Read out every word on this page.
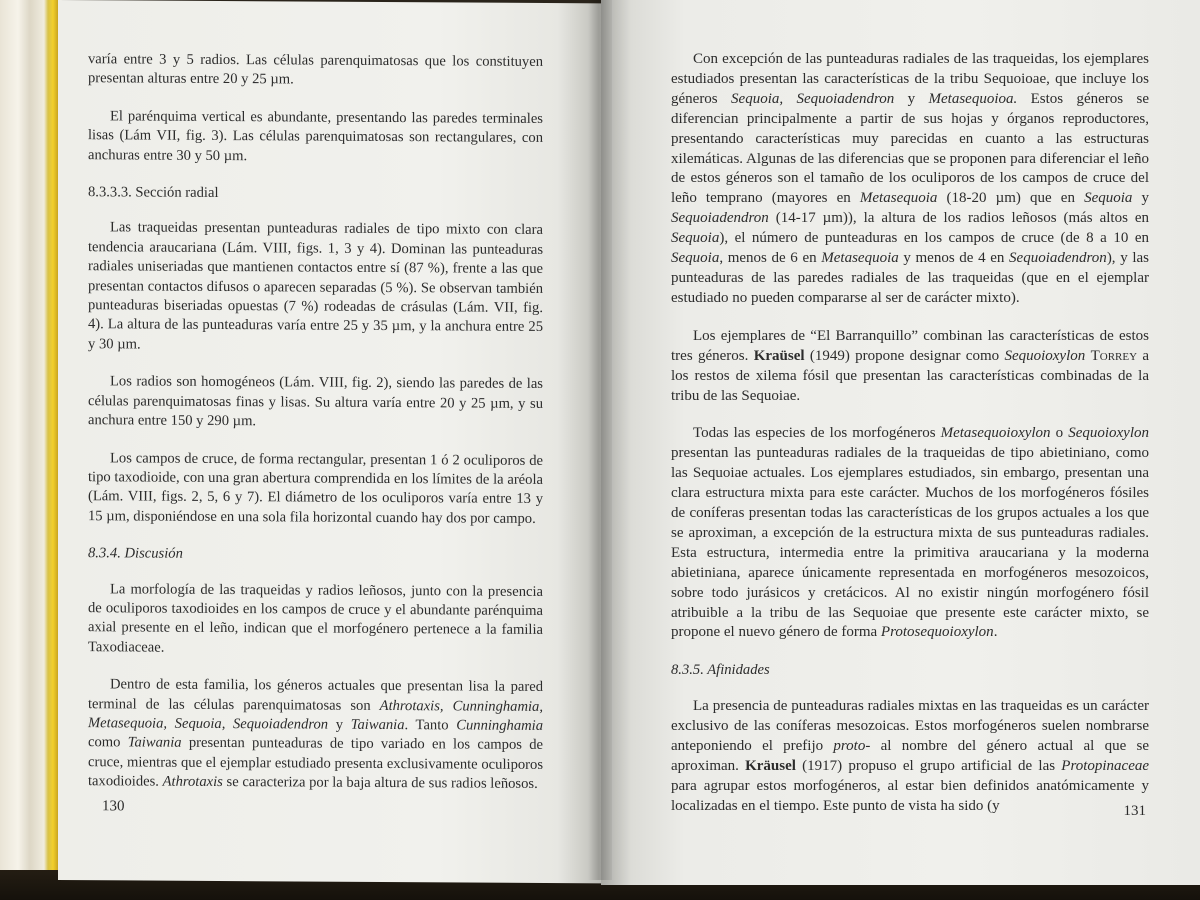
varía entre 3 y 5 radios. Las células parenquimatosas que los constituyen presentan alturas entre 20 y 25 µm.

El parénquima vertical es abundante, presentando las paredes terminales lisas (Lám VII, fig. 3). Las células parenquimatosas son rectangulares, con anchuras entre 30 y 50 µm.

8.3.3.3. Sección radial

Las traqueidas presentan punteaduras radiales de tipo mixto con clara tendencia araucariana (Lám. VIII, figs. 1, 3 y 4). Dominan las punteaduras radiales uniseriadas que mantienen contactos entre sí (87 %), frente a las que presentan contactos difusos o aparecen separadas (5 %). Se observan también punteaduras biseriadas opuestas (7 %) rodeadas de crásulas (Lám. VII, fig. 4). La altura de las punteaduras varía entre 25 y 35 µm, y la anchura entre 25 y 30 µm.

Los radios son homogéneos (Lám. VIII, fig. 2), siendo las paredes de las células parenquimatosas finas y lisas. Su altura varía entre 20 y 25 µm, y su anchura entre 150 y 290 µm.

Los campos de cruce, de forma rectangular, presentan 1 ó 2 oculiporos de tipo taxodioide, con una gran abertura comprendida en los límites de la aréola (Lám. VIII, figs. 2, 5, 6 y 7). El diámetro de los oculiporos varía entre 13 y 15 µm, disponiéndose en una sola fila horizontal cuando hay dos por campo.

8.3.4. Discusión

La morfología de las traqueidas y radios leñosos, junto con la presencia de oculiporos taxodioides en los campos de cruce y el abundante parénquima axial presente en el leño, indican que el morfogénero pertenece a la familia Taxodiaceae.

Dentro de esta familia, los géneros actuales que presentan lisa la pared terminal de las células parenquimatosas son Athrotaxis, Cunninghamia, Metasequoia, Sequoia, Sequoiadendron y Taiwania. Tanto Cunninghamia como Taiwania presentan punteaduras de tipo variado en los campos de cruce, mientras que el ejemplar estudiado presenta exclusivamente oculiporos taxodioides. Athrotaxis se caracteriza por la baja altura de sus radios leñosos.

130

Con excepción de las punteaduras radiales de las traqueidas, los ejemplares estudiados presentan las características de la tribu Sequoioae, que incluye los géneros Sequoia, Sequoiadendron y Metasequoioa. Estos géneros se diferencian principalmente a partir de sus hojas y órganos reproductores, presentando características muy parecidas en cuanto a las estructuras xilemáticas. Algunas de las diferencias que se proponen para diferenciar el leño de estos géneros son el tamaño de los oculiporos de los campos de cruce del leño temprano (mayores en Metasequoia (18-20 µm) que en Sequoia y Sequoiadendron (14-17 µm)), la altura de los radios leñosos (más altos en Sequoia), el número de punteaduras en los campos de cruce (de 8 a 10 en Sequoia, menos de 6 en Metasequoia y menos de 4 en Sequoiadendron), y las punteaduras de las paredes radiales de las traqueidas (que en el ejemplar estudiado no pueden compararse al ser de carácter mixto).

Los ejemplares de “El Barranquillo” combinan las características de estos tres géneros. Kraüsel (1949) propone designar como Sequoioxylon Torrey a los restos de xilema fósil que presentan las características combinadas de la tribu de las Sequoiae.

Todas las especies de los morfogéneros Metasequoioxylon o Sequoioxylon presentan las punteaduras radiales de la traqueidas de tipo abietiniano, como las Sequoiae actuales. Los ejemplares estudiados, sin embargo, presentan una clara estructura mixta para este carácter. Muchos de los morfogéneros fósiles de coníferas presentan todas las características de los grupos actuales a los que se aproximan, a excepción de la estructura mixta de sus punteaduras radiales. Esta estructura, intermedia entre la primitiva araucariana y la moderna abietiniana, aparece únicamente representada en morfogéneros mesozoicos, sobre todo jurásicos y cretácicos. Al no existir ningún morfogénero fósil atribuible a la tribu de las Sequoiae que presente este carácter mixto, se propone el nuevo género de forma Protosequoioxylon.

8.3.5. Afinidades

La presencia de punteaduras radiales mixtas en las traqueidas es un carácter exclusivo de las coníferas mesozoicas. Estos morfogéneros suelen nombrarse anteponiendo el prefijo proto- al nombre del género actual al que se aproximan. Kräusel (1917) propuso el grupo artificial de las Protopinaceae para agrupar estos morfogéneros, al estar bien definidos anatómicamente y localizadas en el tiempo. Este punto de vista ha sido (y	131
